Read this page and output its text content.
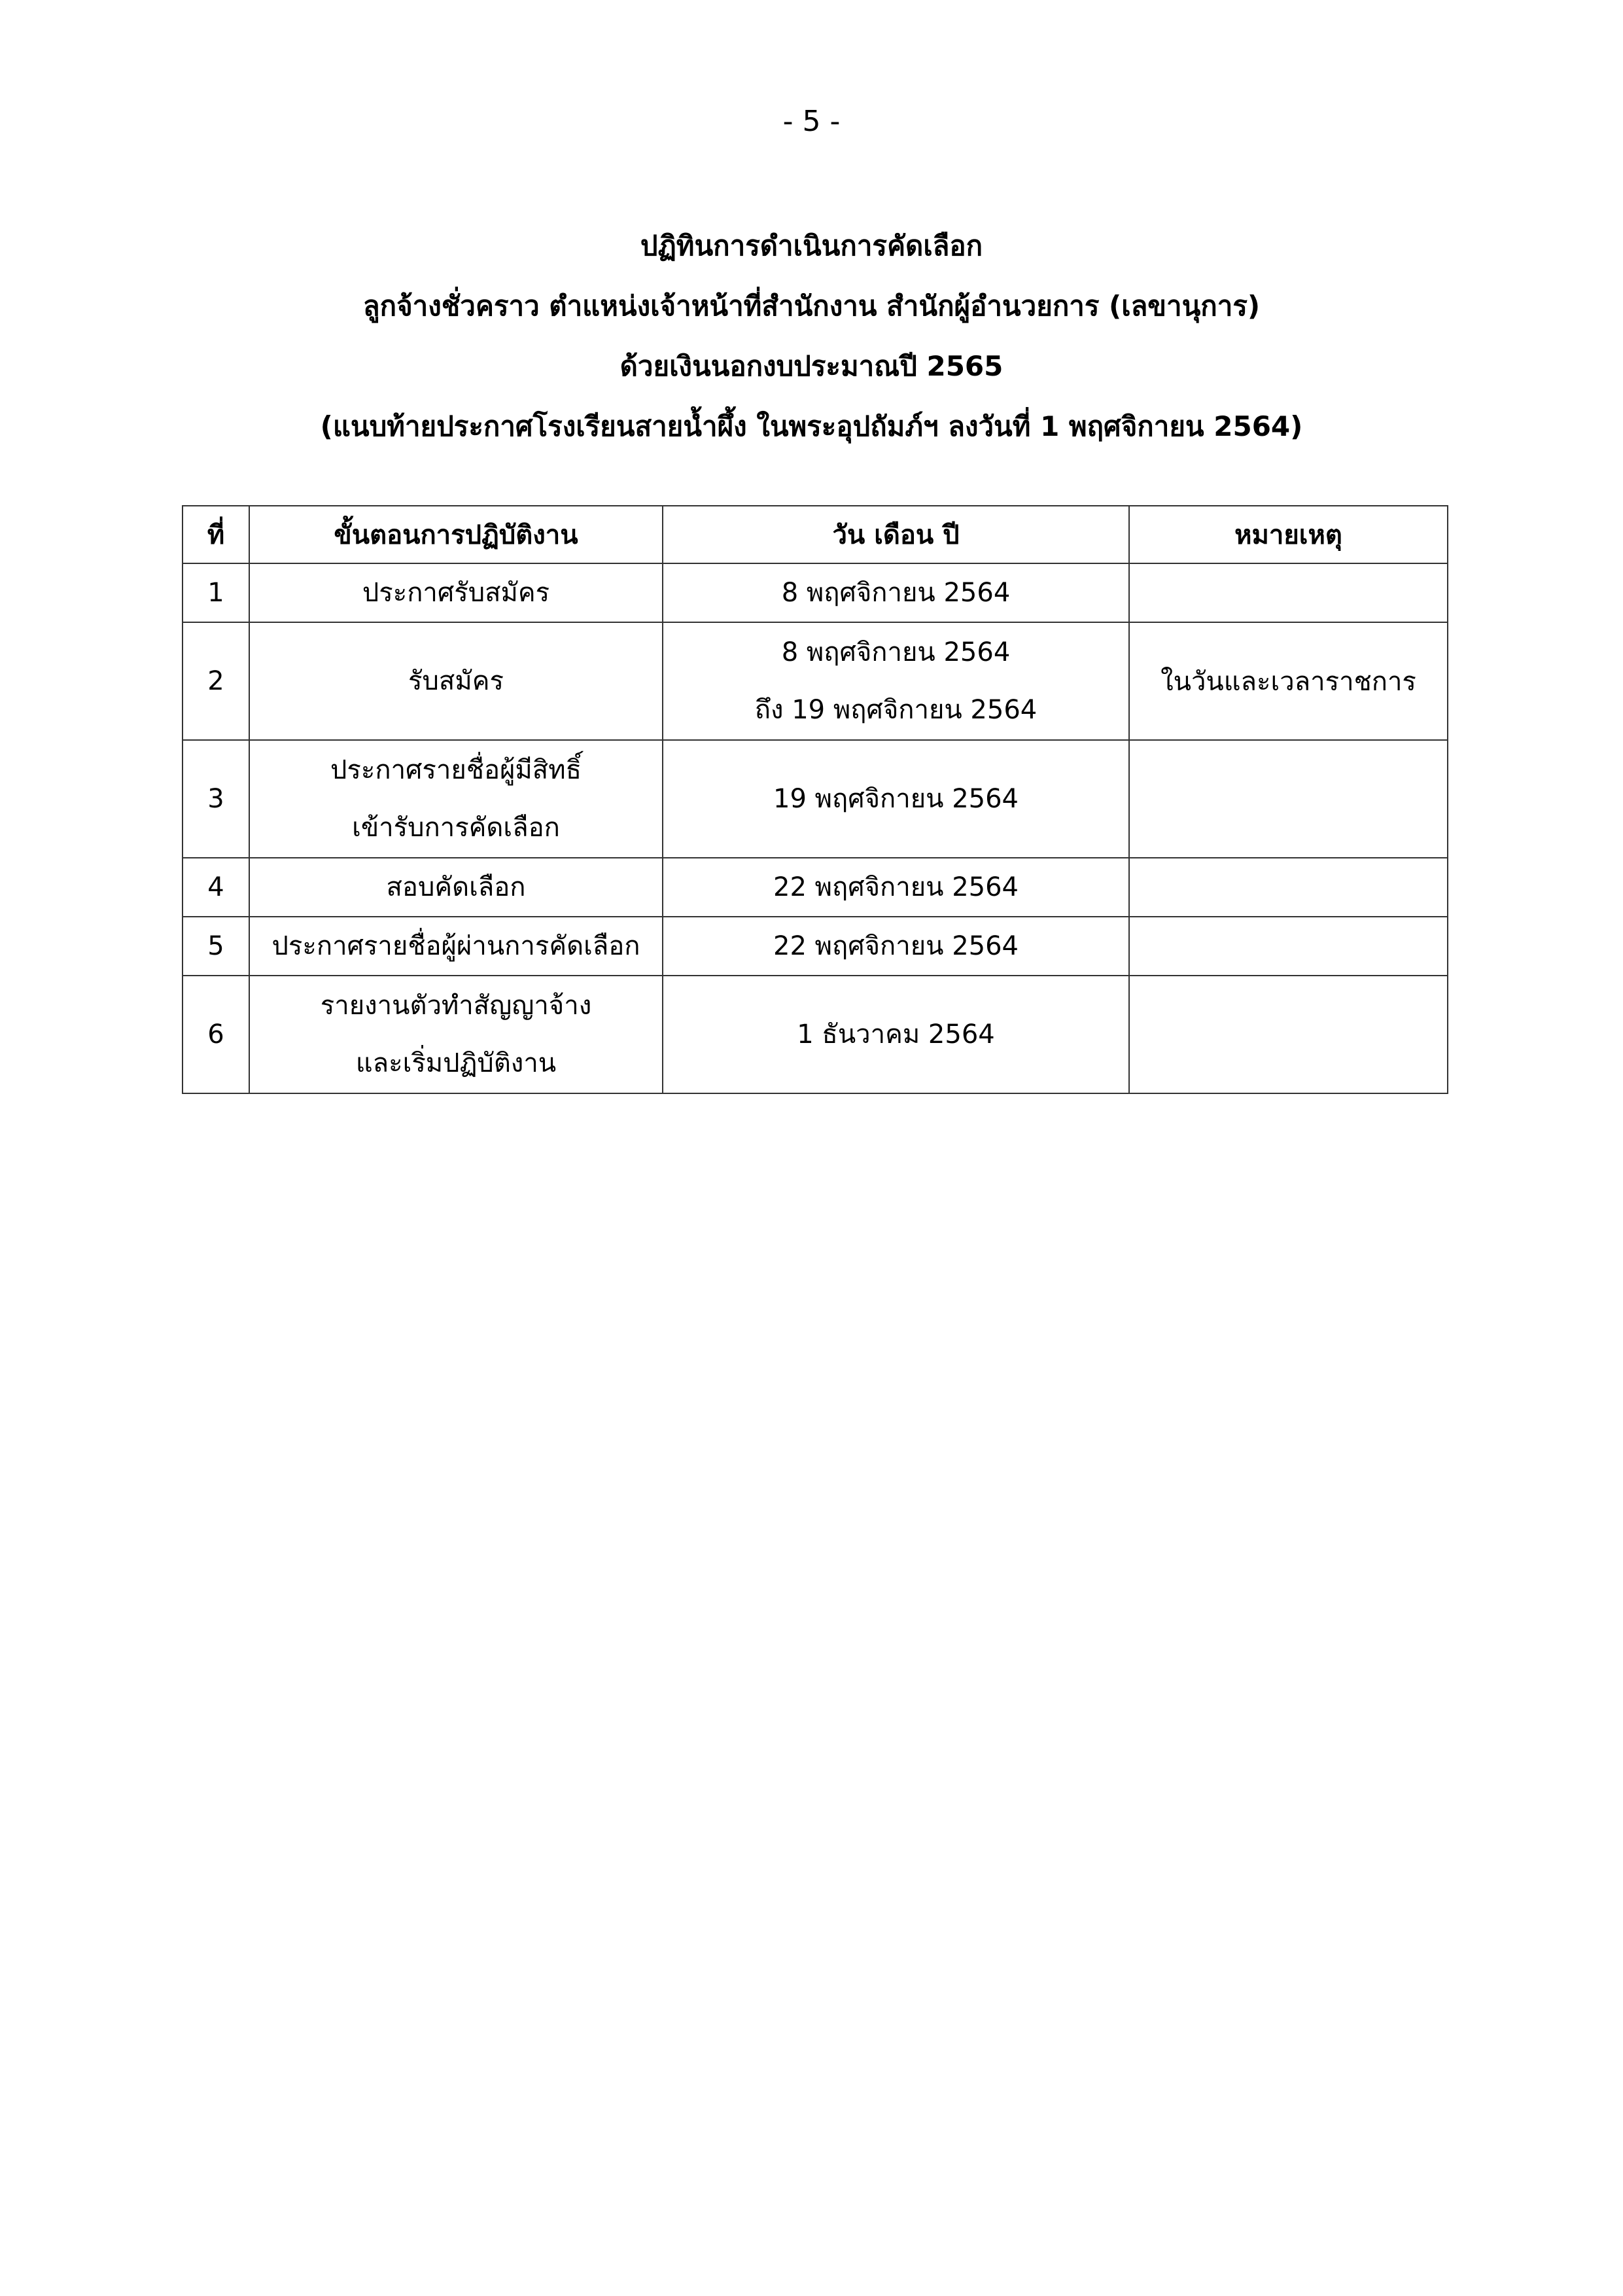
- 5 -
ปฏิทินการดำเนินการคัดเลือก
ลูกจ้างชั่วคราว ตำแหน่งเจ้าหน้าที่สำนักงาน สำนักผู้อำนวยการ (เลขานุการ)
ด้วยเงินนอกงบประมาณปี 2565
(แนบท้ายประกาศโรงเรียนสายน้ำผึ้ง ในพระอุปถัมภ์ฯ ลงวันที่ 1 พฤศจิกายน 2564)
ที่	ขั้นตอนการปฏิบัติงาน	วัน เดือน ปี	หมายเหตุ
1	ประกาศรับสมัคร	8 พฤศจิกายน 2564	

2	รับสมัคร	8 พฤศจิกายน 2564
ถึง 19 พฤศจิกายน 2564	ในวันและเวลาราชการ
3	ประกาศรายชื่อผู้มีสิทธิ์
เข้ารับการคัดเลือก	19 พฤศจิกายน 2564	

4	สอบคัดเลือก	22 พฤศจิกายน 2564	

5	ประกาศรายชื่อผู้ผ่านการคัดเลือก	22 พฤศจิกายน 2564	

6	รายงานตัวทำสัญญาจ้าง
และเริ่มปฏิบัติงาน	1 ธันวาคม 2564	
